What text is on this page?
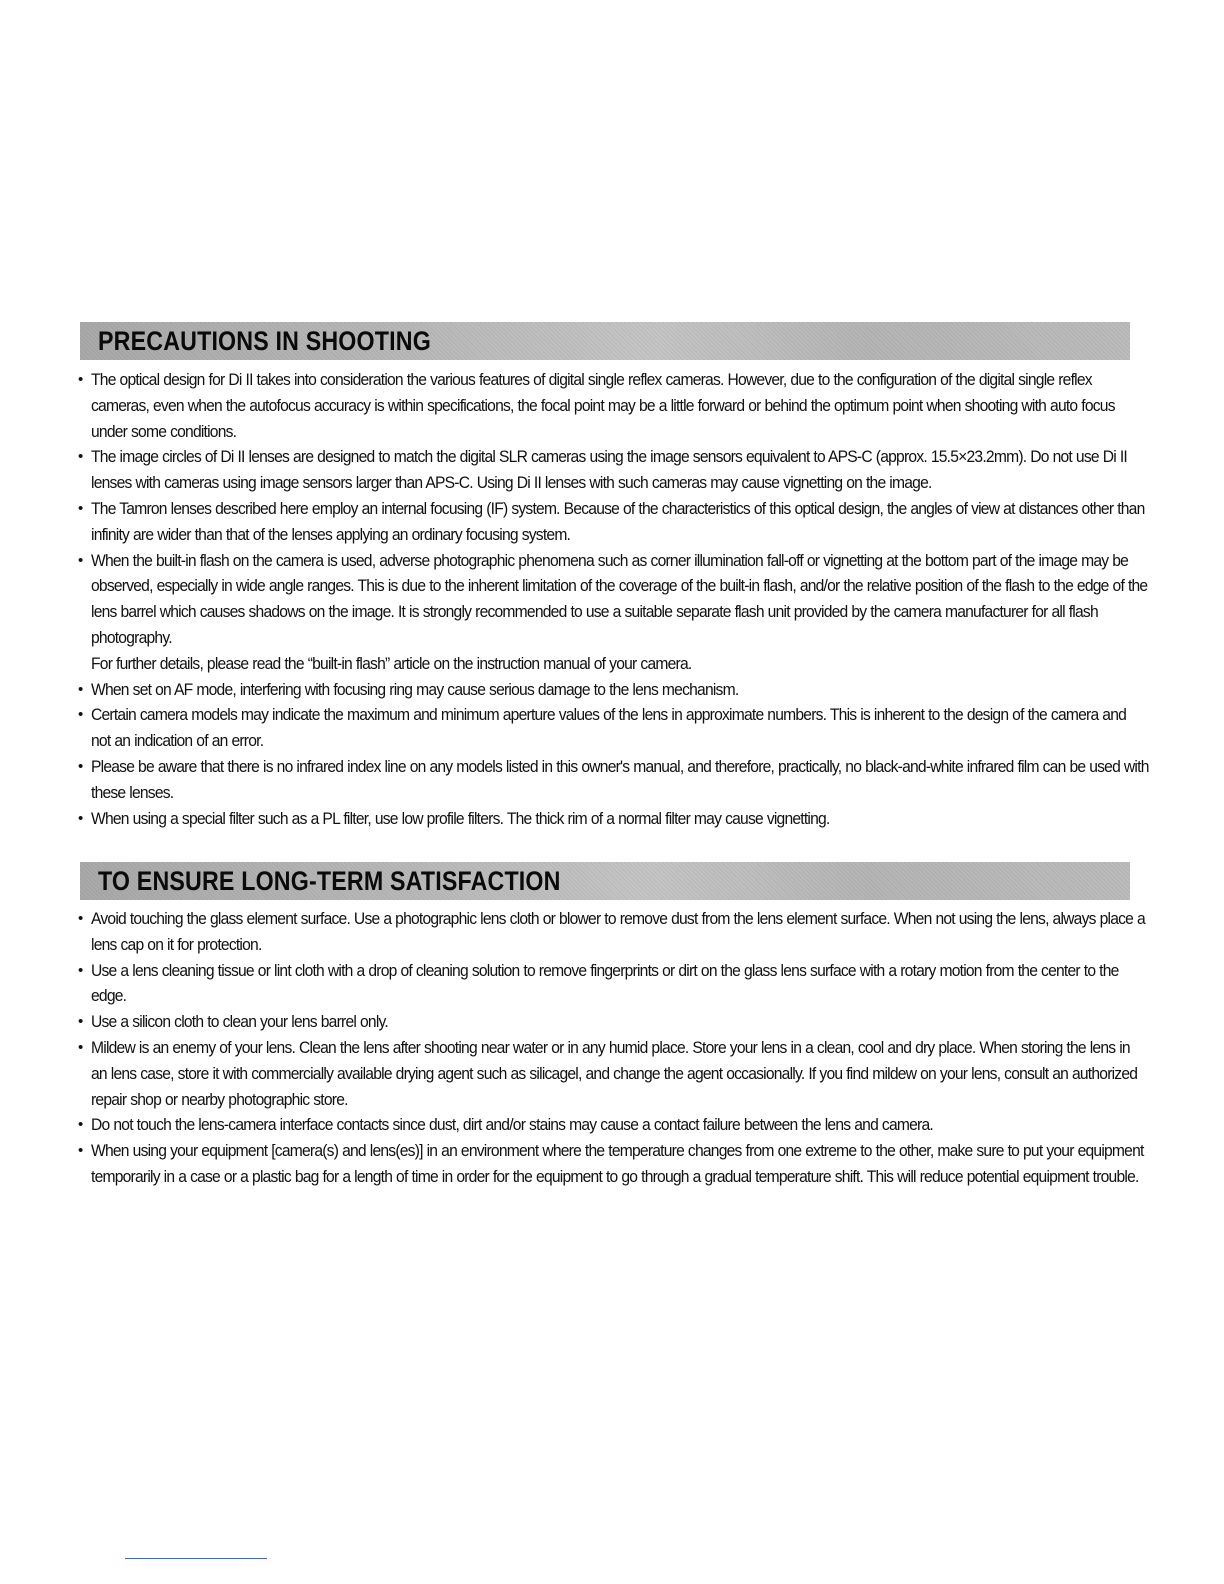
PRECAUTIONS IN SHOOTING
• The optical design for Di II takes into consideration the various features of digital single reflex cameras. However, due to the configuration of the digital single reflex cameras, even when the autofocus accuracy is within specifications, the focal point may be a little forward or behind the optimum point when shooting with auto focus under some conditions.
• The image circles of Di II lenses are designed to match the digital SLR cameras using the image sensors equivalent to APS-C (approx. 15.5×23.2mm). Do not use Di II lenses with cameras using image sensors larger than APS-C. Using Di II lenses with such cameras may cause vignetting on the image.
• The Tamron lenses described here employ an internal focusing (IF) system. Because of the characteristics of this optical design, the angles of view at distances other than infinity are wider than that of the lenses applying an ordinary focusing system.
• When the built-in flash on the camera is used, adverse photographic phenomena such as corner illumination fall-off or vignetting at the bottom part of the image may be observed, especially in wide angle ranges. This is due to the inherent limitation of the coverage of the built-in flash, and/or the relative position of the flash to the edge of the lens barrel which causes shadows on the image. It is strongly recommended to use a suitable separate flash unit provided by the camera manufacturer for all flash photography.
For further details, please read the “built-in flash” article on the instruction manual of your camera.
• When set on AF mode, interfering with focusing ring may cause serious damage to the lens mechanism.
• Certain camera models may indicate the maximum and minimum aperture values of the lens in approximate numbers. This is inherent to the design of the camera and not an indication of an error.
• Please be aware that there is no infrared index line on any models listed in this owner's manual, and therefore, practically, no black-and-white infrared film can be used with these lenses.
• When using a special filter such as a PL filter, use low profile filters. The thick rim of a normal filter may cause vignetting.
TO ENSURE LONG-TERM SATISFACTION
• Avoid touching the glass element surface. Use a photographic lens cloth or blower to remove dust from the lens element surface. When not using the lens, always place a lens cap on it for protection.
• Use a lens cleaning tissue or lint cloth with a drop of cleaning solution to remove fingerprints or dirt on the glass lens surface with a rotary motion from the center to the edge.
• Use a silicon cloth to clean your lens barrel only.
• Mildew is an enemy of your lens. Clean the lens after shooting near water or in any humid place. Store your lens in a clean, cool and dry place. When storing the lens in an lens case, store it with commercially available drying agent such as silicagel, and change the agent occasionally. If you find mildew on your lens, consult an authorized repair shop or nearby photographic store.
• Do not touch the lens-camera interface contacts since dust, dirt and/or stains may cause a contact failure between the lens and camera.
• When using your equipment [camera(s) and lens(es)] in an environment where the temperature changes from one extreme to the other, make sure to put your equipment temporarily in a case or a plastic bag for a length of time in order for the equipment to go through a gradual temperature shift. This will reduce potential equipment trouble.
